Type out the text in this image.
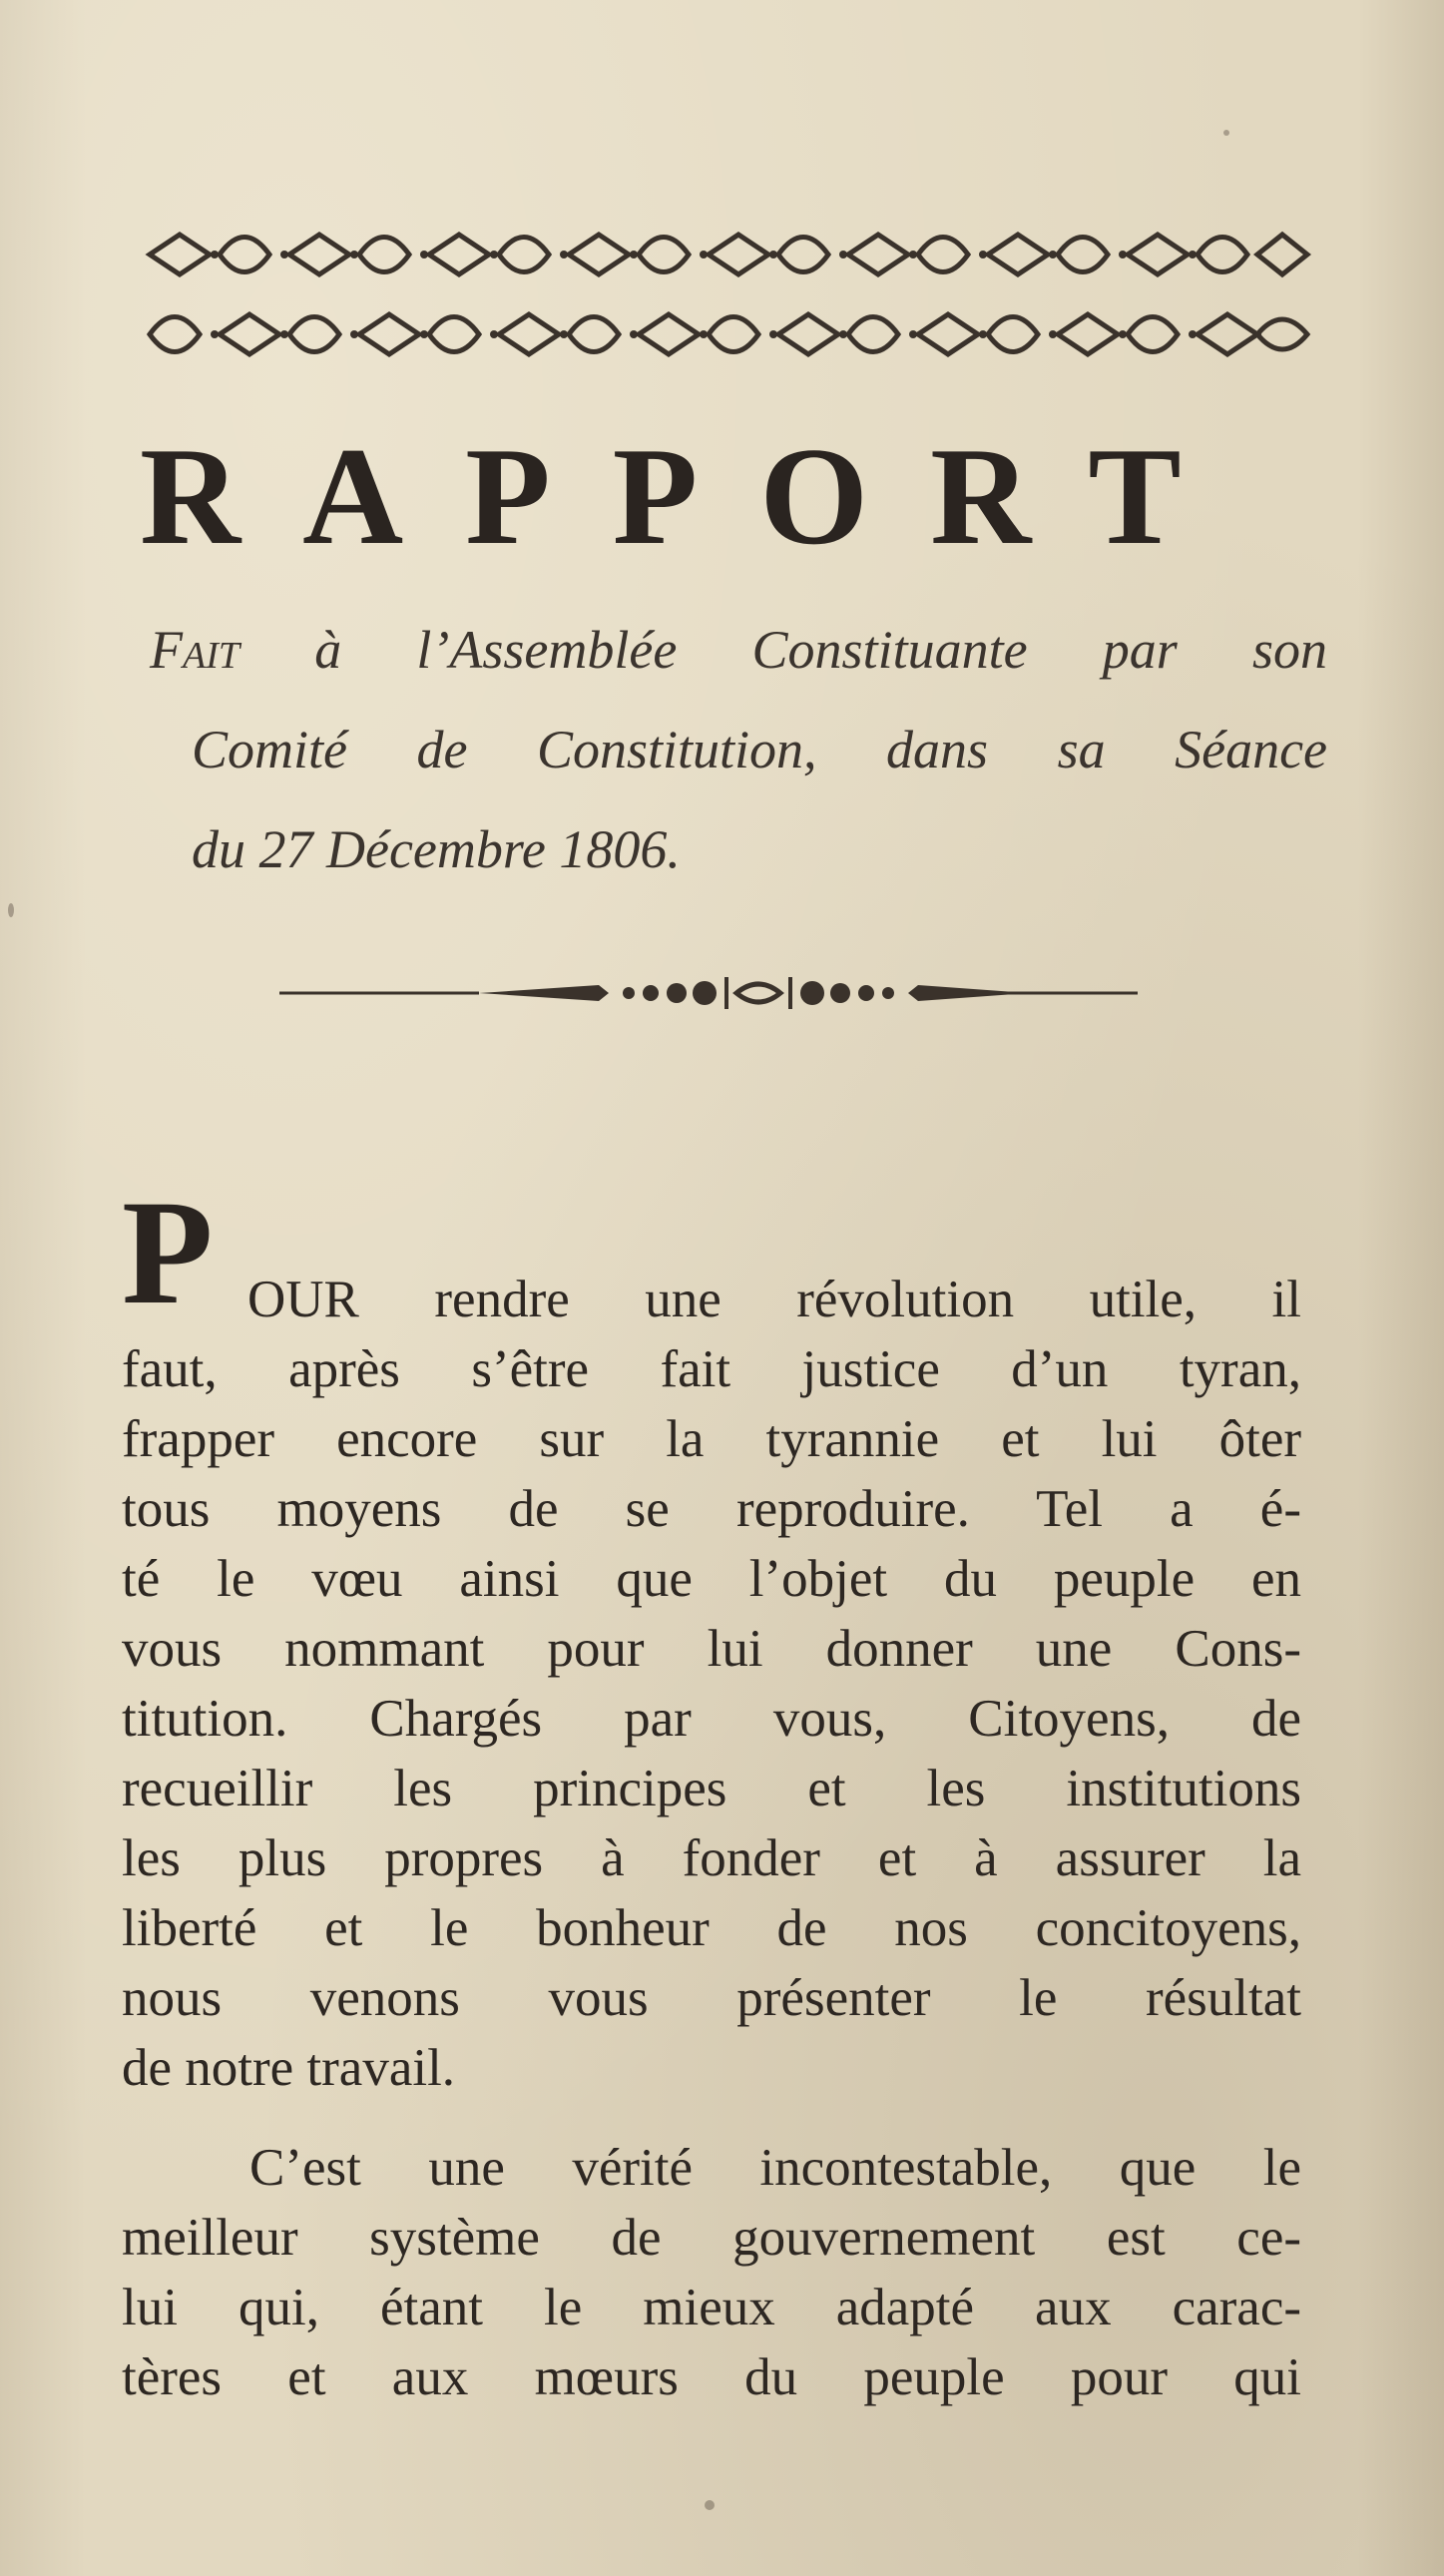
RAPPORT
Fait à l’Assemblée Constituante par son
Comité de Constitution, dans sa Séance
du 27 Décembre 1806.
P OUR rendre une révolution utile, il
faut, après s’être fait justice d’un tyran,
frapper encore sur la tyrannie et lui ôter
tous moyens de se reproduire. Tel a é-
té le vœu ainsi que l’objet du peuple en
vous nommant pour lui donner une Cons-
titution. Chargés par vous, Citoyens, de
recueillir les principes et les institutions
les plus propres à fonder et à assurer la
liberté et le bonheur de nos concitoyens,
nous venons vous présenter le résultat
de notre travail.
C’est une vérité incontestable, que le
meilleur système de gouvernement est ce-
lui qui, étant le mieux adapté aux carac-
tères et aux mœurs du peuple pour qui
